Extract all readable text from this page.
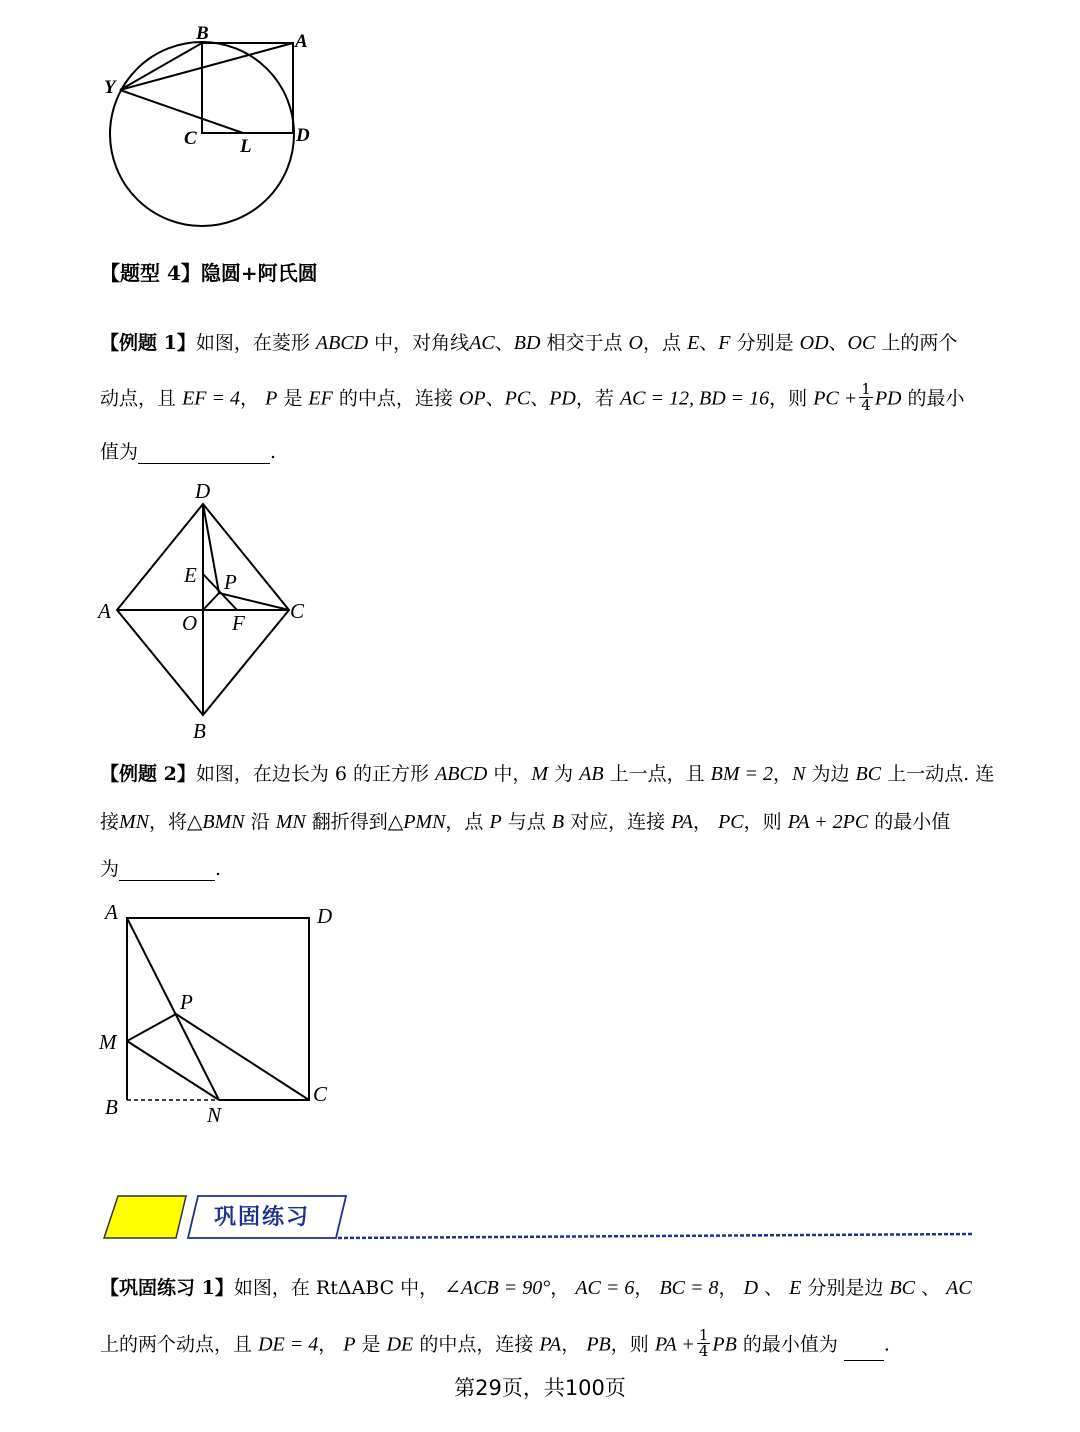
B	A
Y
C L
D
【题型 4】隐圆+阿氏圆
【例题 1】如图，在菱形 ABCD 中，对角线AC、BD 相交于点 O，点 E、F 分别是 OD、OC 上的两个
动点，且 EF = 4， P 是 EF 的中点，连接 OP、PC、PD，若 AC = 12, BD = 16，则 PC + $\frac{1}{4}$ PD 的最小
值为	.
D
E P
A	O F C
B
【例题 2】如图，在边长为 6 的正方形 ABCD 中，M 为 AB 上一点，且 BM = 2，N 为边 BC 上一动点. 连
接MN，将△BMN 沿 MN 翻折得到△PMN，点 P 与点 B 对应，连接 PA， PC，则 PA + 2PC 的最小值
为	.
A	D
P
M
B	N
C
巩固练习
【巩固练习 1】如图，在 RtΔABC 中， ∠ACB = 90°， AC = 6， BC = 8， D 、 E 分别是边 BC 、 AC
上的两个动点，且 DE = 4， P 是 DE 的中点，连接 PA， PB，则 PA + $\frac{1}{4}$ PB 的最小值为 .
第29页，共100页
